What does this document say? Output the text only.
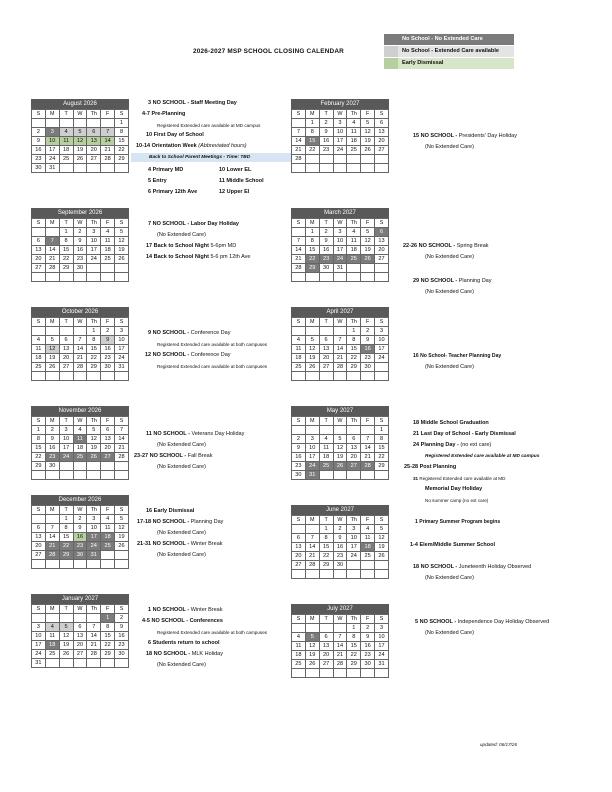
2026-2027 MSP SCHOOL CLOSING CALENDAR
No School - No Extended Care
No School - Extended Care available
Early Dismissal
August 2026
S	M	T	W	Th	F	S
						1
2	3	4	5	6	7	8
9	10	11	12	13	14	15
16	17	18	19	20	21	22
23	24	25	26	27	28	29
30	31					
September 2026
S	M	T	W	Th	F	S
		1	2	3	4	5
6	7	8	9	10	11	12
13	14	15	16	17	18	19
20	21	22	23	24	25	26
27	28	29	30			

October 2026
S	M	T	W	Th	F	S
				1	2	3
4	5	6	7	8	9	10
11	12	13	14	15	16	17
18	19	20	21	22	23	24
25	26	27	28	29	30	31

November 2026
S	M	T	W	Th	F	S
1	2	3	4	5	6	7
8	9	10	11	12	13	14
15	16	17	18	19	20	21
22	23	24	25	26	27	28
29	30					

December 2026
S	M	T	W	Th	F	S
		1	2	3	4	5
6	7	8	9	10	11	12
13	14	15	16	17	18	19
20	21	22	23	24	25	26
27	28	29	30	31		

January 2027
S	M	T	W	Th	F	S
					1	2
3	4	5	6	7	8	9
10	11	12	13	14	15	16
17	18	19	20	21	22	23
24	25	26	27	28	29	30
31						
February 2027
S	M	T	W	Th	F	S
	1	2	3	4	5	6
7	8	9	10	11	12	13
14	15	16	17	18	19	20
21	22	23	24	25	26	27
28						

March 2027
S	M	T	W	Th	F	S
	1	2	3	4	5	6
7	8	9	10	11	12	13
14	15	16	17	18	19	20
21	22	23	24	25	26	27
28	29	30	31			

April 2027
S	M	T	W	Th	F	S
				1	2	3
4	5	6	7	8	9	10
11	12	13	14	15	16	17
18	19	20	21	22	23	24
25	26	27	28	29	30	

May 2027
S	M	T	W	Th	F	S
						1
2	3	4	5	6	7	8
9	10	11	12	13	14	15
16	17	18	19	20	21	22
23	24	25	26	27	28	29
30	31					
June 2027
S	M	T	W	Th	F	S
		1	2	3	4	5
6	7	8	9	10	11	12
13	14	15	16	17	18	19
20	21	22	23	24	25	26
27	28	29	30			

July 2027
S	M	T	W	Th	F	S
				1	2	3
4	5	6	7	8	9	10
11	12	13	14	15	16	17
18	19	20	21	22	23	24
25	26	27	28	29	30	31

3 NO SCHOOL - Staff Meeting Day
4-7 Pre-Planning
Registered Extended care available at MD campus
10 First Day of School
10-14 Orientation Week (Abbreviated hours)
Back to School Parent Meetings - Time: TBD
4 Primary MD	10 Lower EL
5 Entry	11 Middle School
6 Primary 12th Ave	12 Upper El
7 NO SCHOOL - Labor Day Holiday
(No Extended Care)
17 Back to School Night 5-6pm MD
14 Back to School Night 5-6 pm 12th Ave
9 NO SCHOOL - Conference Day
Registered Extended care available at both campuses
12 NO SCHOOL - Conference Day
Registered Extended care available at both campuses
11 NO SCHOOL - Veterans Day Holiday
(No Extended Care)
23-27 NO SCHOOL - Fall Break
(No Extended Care)
16 Early Dismissal
17-18 NO SCHOOL - Planning Day
(No Extended Care)
21-31 NO SCHOOL - Winter Break
(No Extended Care)
1 NO SCHOOL - Winter Break
4-5 NO SCHOOL - Conferences
Registered Extended care available at both campuses
6 Students return to school
18 NO SCHOOL - MLK Holiday
(No Extended Care)
15 NO SCHOOL - Presidents' Day Holiday
(No Extended Care)
22-26 NO SCHOOL - Spring Break
(No Extended Care)
29 NO SCHOOL - Planning Day
(No Extended Care)
16 No School- Teacher Planning Day
(No Extended Care)
18 Middle School Graduation
21 Last Day of School - Early Dismissal
24 Planning Day - (no ext care)
Registered Extended care available at MD campus
25-28 Post Planning
31 Registered Extended care available at MD
Memorial Day Holiday
No summer camp (no ext care)
1 Primary Summer Program begins
1-4 Elem/Middle Summer School
18 NO SCHOOL - Juneteenth Holiday Observed
(No Extended Care)
5 NO SCHOOL - Independence Day Holiday Observed
(No Extended Care)
updated: 06/17/26
